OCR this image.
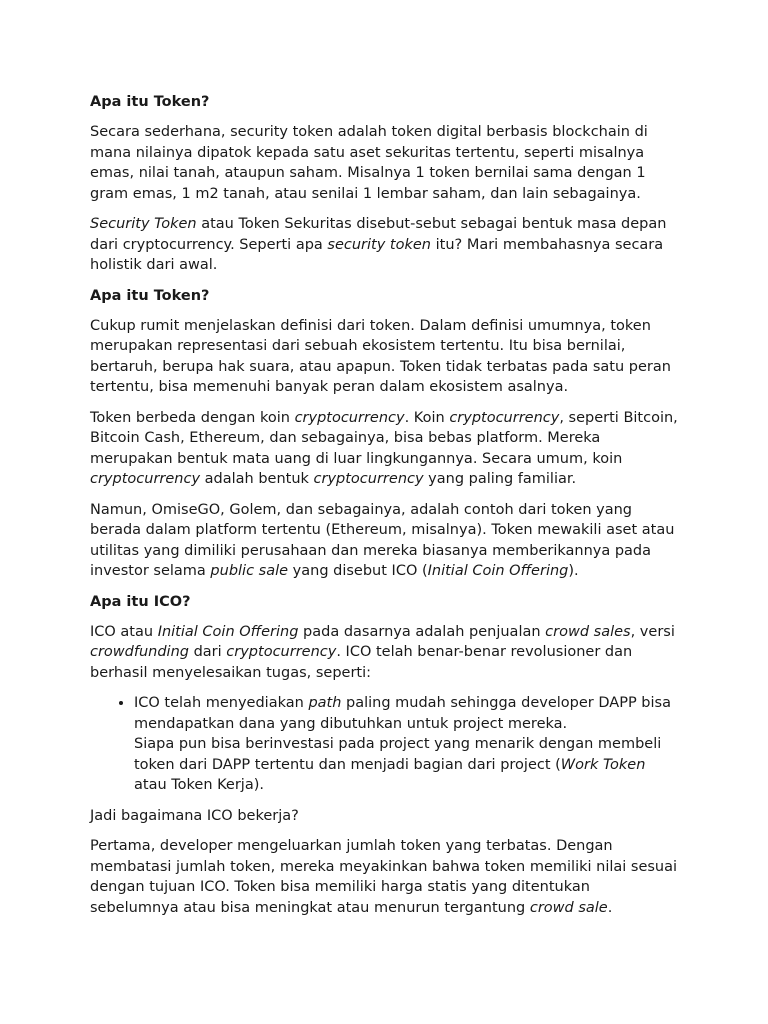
Apa itu Token?

Secara sederhana, security token adalah token digital berbasis blockchain di mana nilainya dipatok kepada satu aset sekuritas tertentu, seperti misalnya emas, nilai tanah, ataupun saham. Misalnya 1 token bernilai sama dengan 1 gram emas, 1 m2 tanah, atau senilai 1 lembar saham, dan lain sebagainya.

Security Token atau Token Sekuritas disebut-sebut sebagai bentuk masa depan dari cryptocurrency. Seperti apa security token itu? Mari membahasnya secara holistik dari awal.

Apa itu Token?

Cukup rumit menjelaskan definisi dari token. Dalam definisi umumnya, token merupakan representasi dari sebuah ekosistem tertentu. Itu bisa bernilai, bertaruh, berupa hak suara, atau apapun. Token tidak terbatas pada satu peran tertentu, bisa memenuhi banyak peran dalam ekosistem asalnya.

Token berbeda dengan koin cryptocurrency. Koin cryptocurrency, seperti Bitcoin, Bitcoin Cash, Ethereum, dan sebagainya, bisa bebas platform. Mereka merupakan bentuk mata uang di luar lingkungannya. Secara umum, koin cryptocurrency adalah bentuk cryptocurrency yang paling familiar.

Namun, OmiseGO, Golem, dan sebagainya, adalah contoh dari token yang berada dalam platform tertentu (Ethereum, misalnya). Token mewakili aset atau utilitas yang dimiliki perusahaan dan mereka biasanya memberikannya pada investor selama public sale yang disebut ICO (Initial Coin Offering).

Apa itu ICO?

ICO atau Initial Coin Offering pada dasarnya adalah penjualan crowd sales, versi crowdfunding dari cryptocurrency. ICO telah benar-benar revolusioner dan berhasil menyelesaikan tugas, seperti:

• ICO telah menyediakan path paling mudah sehingga developer DAPP bisa mendapatkan dana yang dibutuhkan untuk project mereka.
Siapa pun bisa berinvestasi pada project yang menarik dengan membeli token dari DAPP tertentu dan menjadi bagian dari project (Work Token atau Token Kerja).

Jadi bagaimana ICO bekerja?

Pertama, developer mengeluarkan jumlah token yang terbatas. Dengan membatasi jumlah token, mereka meyakinkan bahwa token memiliki nilai sesuai dengan tujuan ICO. Token bisa memiliki harga statis yang ditentukan sebelumnya atau bisa meningkat atau menurun tergantung crowd sale.
